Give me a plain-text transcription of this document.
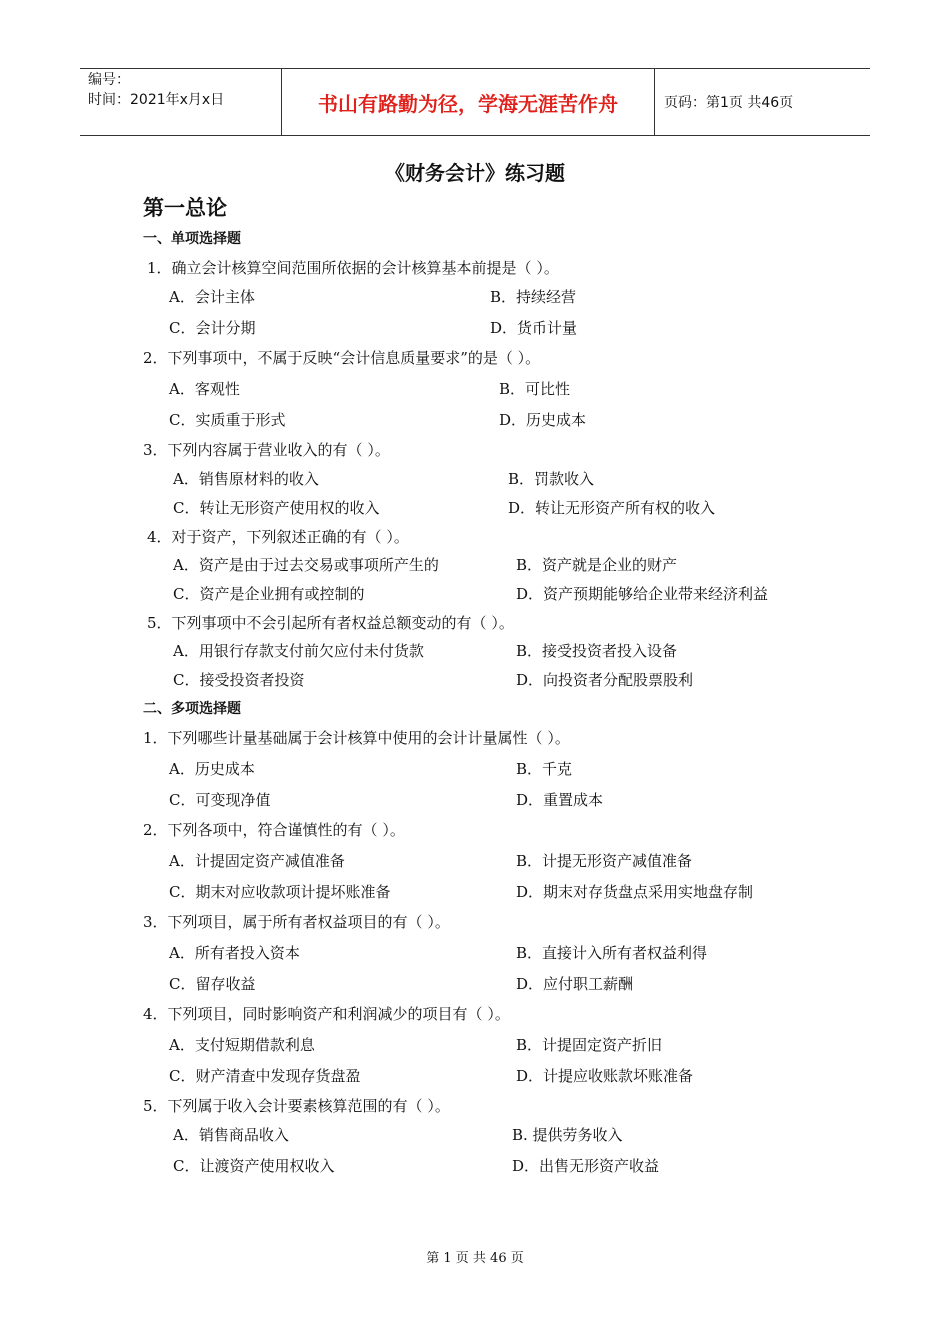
编号：
时间：2021年x月x日	书山有路勤为径，学海无涯苦作舟	页码：第1页 共46页
《财务会计》练习题
第一总论
一、单项选择题
1．确立会计核算空间范围所依据的会计核算基本前提是（ ）。
A．会计主体	B．持续经营
C．会计分期	D．货币计量
2．下列事项中，不属于反映“会计信息质量要求”的是（ ）。
A．客观性	B．可比性
C．实质重于形式	D．历史成本
3．下列内容属于营业收入的有（ ）。
A．销售原材料的收入	B．罚款收入
C．转让无形资产使用权的收入	D．转让无形资产所有权的收入
4．对于资产，下列叙述正确的有（ ）。
A．资产是由于过去交易或事项所产生的	B．资产就是企业的财产
C．资产是企业拥有或控制的	D．资产预期能够给企业带来经济利益
5．下列事项中不会引起所有者权益总额变动的有（ ）。
A．用银行存款支付前欠应付未付货款	B．接受投资者投入设备
C．接受投资者投资	D．向投资者分配股票股利
二、多项选择题
1．下列哪些计量基础属于会计核算中使用的会计计量属性（ ）。
A．历史成本	B．千克
C．可变现净值	D．重置成本
2．下列各项中，符合谨慎性的有（ ）。
A．计提固定资产减值准备	B．计提无形资产减值准备
C．期末对应收款项计提坏账准备	D．期末对存货盘点采用实地盘存制
3．下列项目，属于所有者权益项目的有（ ）。
A．所有者投入资本	B．直接计入所有者权益利得
C．留存收益	D．应付职工薪酬
4．下列项目，同时影响资产和利润减少的项目有（ ）。
A．支付短期借款利息	B．计提固定资产折旧
C．财产清查中发现存货盘盈	D．计提应收账款坏账准备
5．下列属于收入会计要素核算范围的有（ ）。
A．销售商品收入	B. 提供劳务收入
C．让渡资产使用权收入	D．出售无形资产收益
第 1 页 共 46 页
